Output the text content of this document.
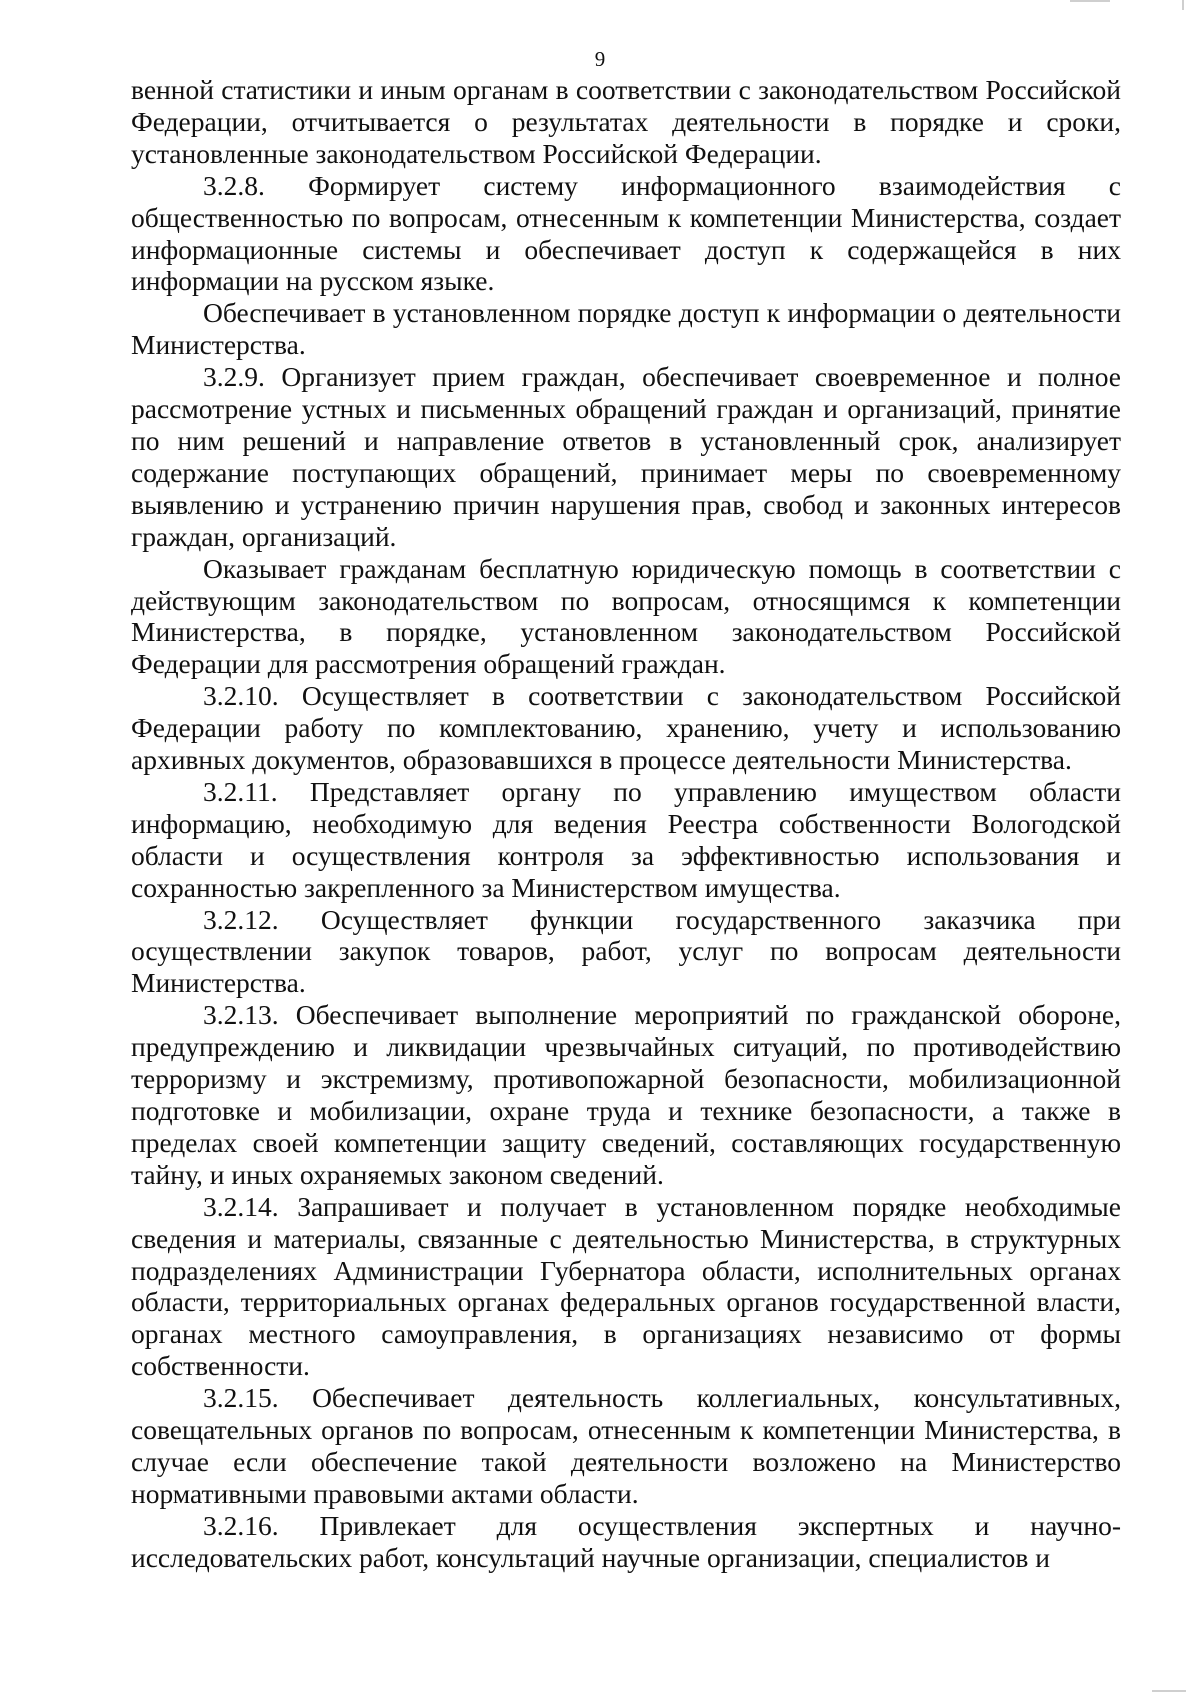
9

венной статистики и иным органам в соответствии с законодательством Российской Федерации, отчитывается о результатах деятельности в порядке и сроки, установленные законодательством Российской Федерации.

3.2.8. Формирует систему информационного взаимодействия с общественностью по вопросам, отнесенным к компетенции Министерства, создает информационные системы и обеспечивает доступ к содержащейся в них информации на русском языке.

Обеспечивает в установленном порядке доступ к информации о деятельности Министерства.

3.2.9. Организует прием граждан, обеспечивает своевременное и полное рассмотрение устных и письменных обращений граждан и организаций, принятие по ним решений и направление ответов в установленный срок, анализирует содержание поступающих обращений, принимает меры по своевременному выявлению и устранению причин нарушения прав, свобод и законных интересов граждан, организаций.

Оказывает гражданам бесплатную юридическую помощь в соответствии с действующим законодательством по вопросам, относящимся к компетенции Министерства, в порядке, установленном законодательством Российской Федерации для рассмотрения обращений граждан.

3.2.10. Осуществляет в соответствии с законодательством Российской Федерации работу по комплектованию, хранению, учету и использованию архивных документов, образовавшихся в процессе деятельности Министерства.

3.2.11. Представляет органу по управлению имуществом области информацию, необходимую для ведения Реестра собственности Вологодской области и осуществления контроля за эффективностью использования и сохранностью закрепленного за Министерством имущества.

3.2.12. Осуществляет функции государственного заказчика при осуществлении закупок товаров, работ, услуг по вопросам деятельности Министерства.

3.2.13. Обеспечивает выполнение мероприятий по гражданской обороне, предупреждению и ликвидации чрезвычайных ситуаций, по противодействию терроризму и экстремизму, противопожарной безопасности, мобилизационной подготовке и мобилизации, охране труда и технике безопасности, а также в пределах своей компетенции защиту сведений, составляющих государственную тайну, и иных охраняемых законом сведений.

3.2.14. Запрашивает и получает в установленном порядке необходимые сведения и материалы, связанные с деятельностью Министерства, в структурных подразделениях Администрации Губернатора области, исполнительных органах области, территориальных органах федеральных органов государственной власти, органах местного самоуправления, в организациях независимо от формы собственности.

3.2.15. Обеспечивает деятельность коллегиальных, консультативных, совещательных органов по вопросам, отнесенным к компетенции Министерства, в случае если обеспечение такой деятельности возложено на Министерство нормативными правовыми актами области.

3.2.16. Привлекает для осуществления экспертных и научно-исследовательских работ, консультаций научные организации, специалистов и
